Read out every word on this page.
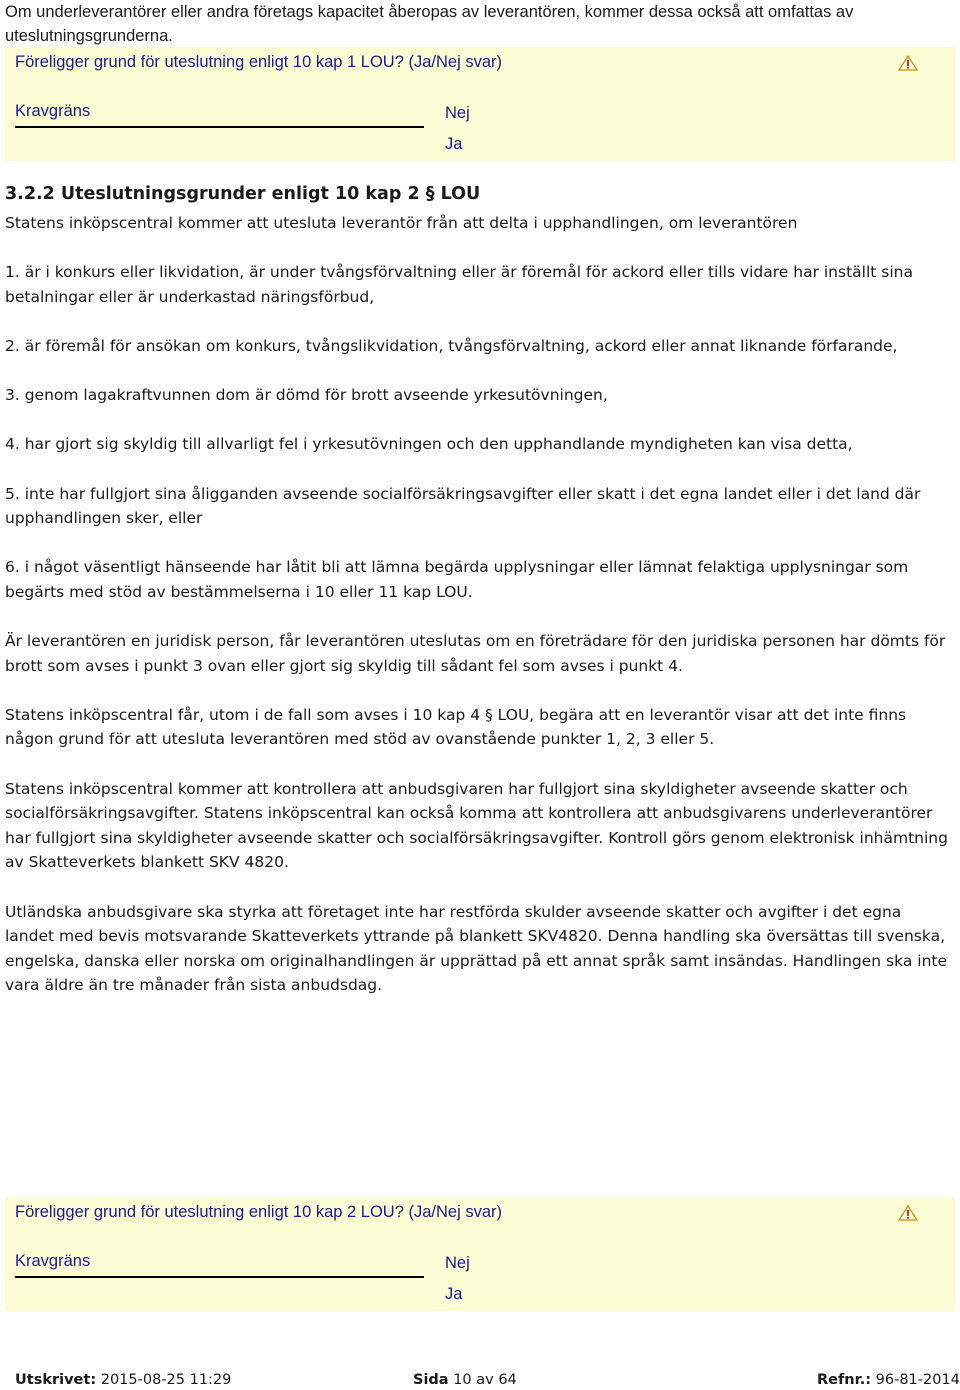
Om underleverantörer eller andra företags kapacitet åberopas av leverantören, kommer dessa också att omfattas av uteslutningsgrunderna.
Föreligger grund för uteslutning enligt 10 kap 1 LOU? (Ja/Nej svar)
Kravgräns	Nej
Ja
3.2.2 Uteslutningsgrunder enligt 10 kap 2 § LOU

Statens inköpscentral kommer att utesluta leverantör från att delta i upphandlingen, om leverantören

1. är i konkurs eller likvidation, är under tvångsförvaltning eller är föremål för ackord eller tills vidare har inställt sina betalningar eller är underkastad näringsförbud,

2. är föremål för ansökan om konkurs, tvångslikvidation, tvångsförvaltning, ackord eller annat liknande förfarande,

3. genom lagakraftvunnen dom är dömd för brott avseende yrkesutövningen,

4. har gjort sig skyldig till allvarligt fel i yrkesutövningen och den upphandlande myndigheten kan visa detta,

5. inte har fullgjort sina åligganden avseende socialförsäkringsavgifter eller skatt i det egna landet eller i det land där upphandlingen sker, eller

6. i något väsentligt hänseende har låtit bli att lämna begärda upplysningar eller lämnat felaktiga upplysningar som begärts med stöd av bestämmelserna i 10 eller 11 kap LOU.

Är leverantören en juridisk person, får leverantören uteslutas om en företrädare för den juridiska personen har dömts för brott som avses i punkt 3 ovan eller gjort sig skyldig till sådant fel som avses i punkt 4.

Statens inköpscentral får, utom i de fall som avses i 10 kap 4 § LOU, begära att en leverantör visar att det inte finns någon grund för att utesluta leverantören med stöd av ovanstående punkter 1, 2, 3 eller 5.

Statens inköpscentral kommer att kontrollera att anbudsgivaren har fullgjort sina skyldigheter avseende skatter och socialförsäkringsavgifter. Statens inköpscentral kan också komma att kontrollera att anbudsgivarens underleverantörer har fullgjort sina skyldigheter avseende skatter och socialförsäkringsavgifter. Kontroll görs genom elektronisk inhämtning av Skatteverkets blankett SKV 4820.

Utländska anbudsgivare ska styrka att företaget inte har restförda skulder avseende skatter och avgifter i det egna landet med bevis motsvarande Skatteverkets yttrande på blankett SKV4820. Denna handling ska översättas till svenska, engelska, danska eller norska om originalhandlingen är upprättad på ett annat språk samt insändas. Handlingen ska inte vara äldre än tre månader från sista anbudsdag.

Föreligger grund för uteslutning enligt 10 kap 2 LOU? (Ja/Nej svar)
Kravgräns	Nej
Ja
Utskrivet: 2015-08-25 11:29	Sida 10 av 64	Refnr.: 96-81-2014
